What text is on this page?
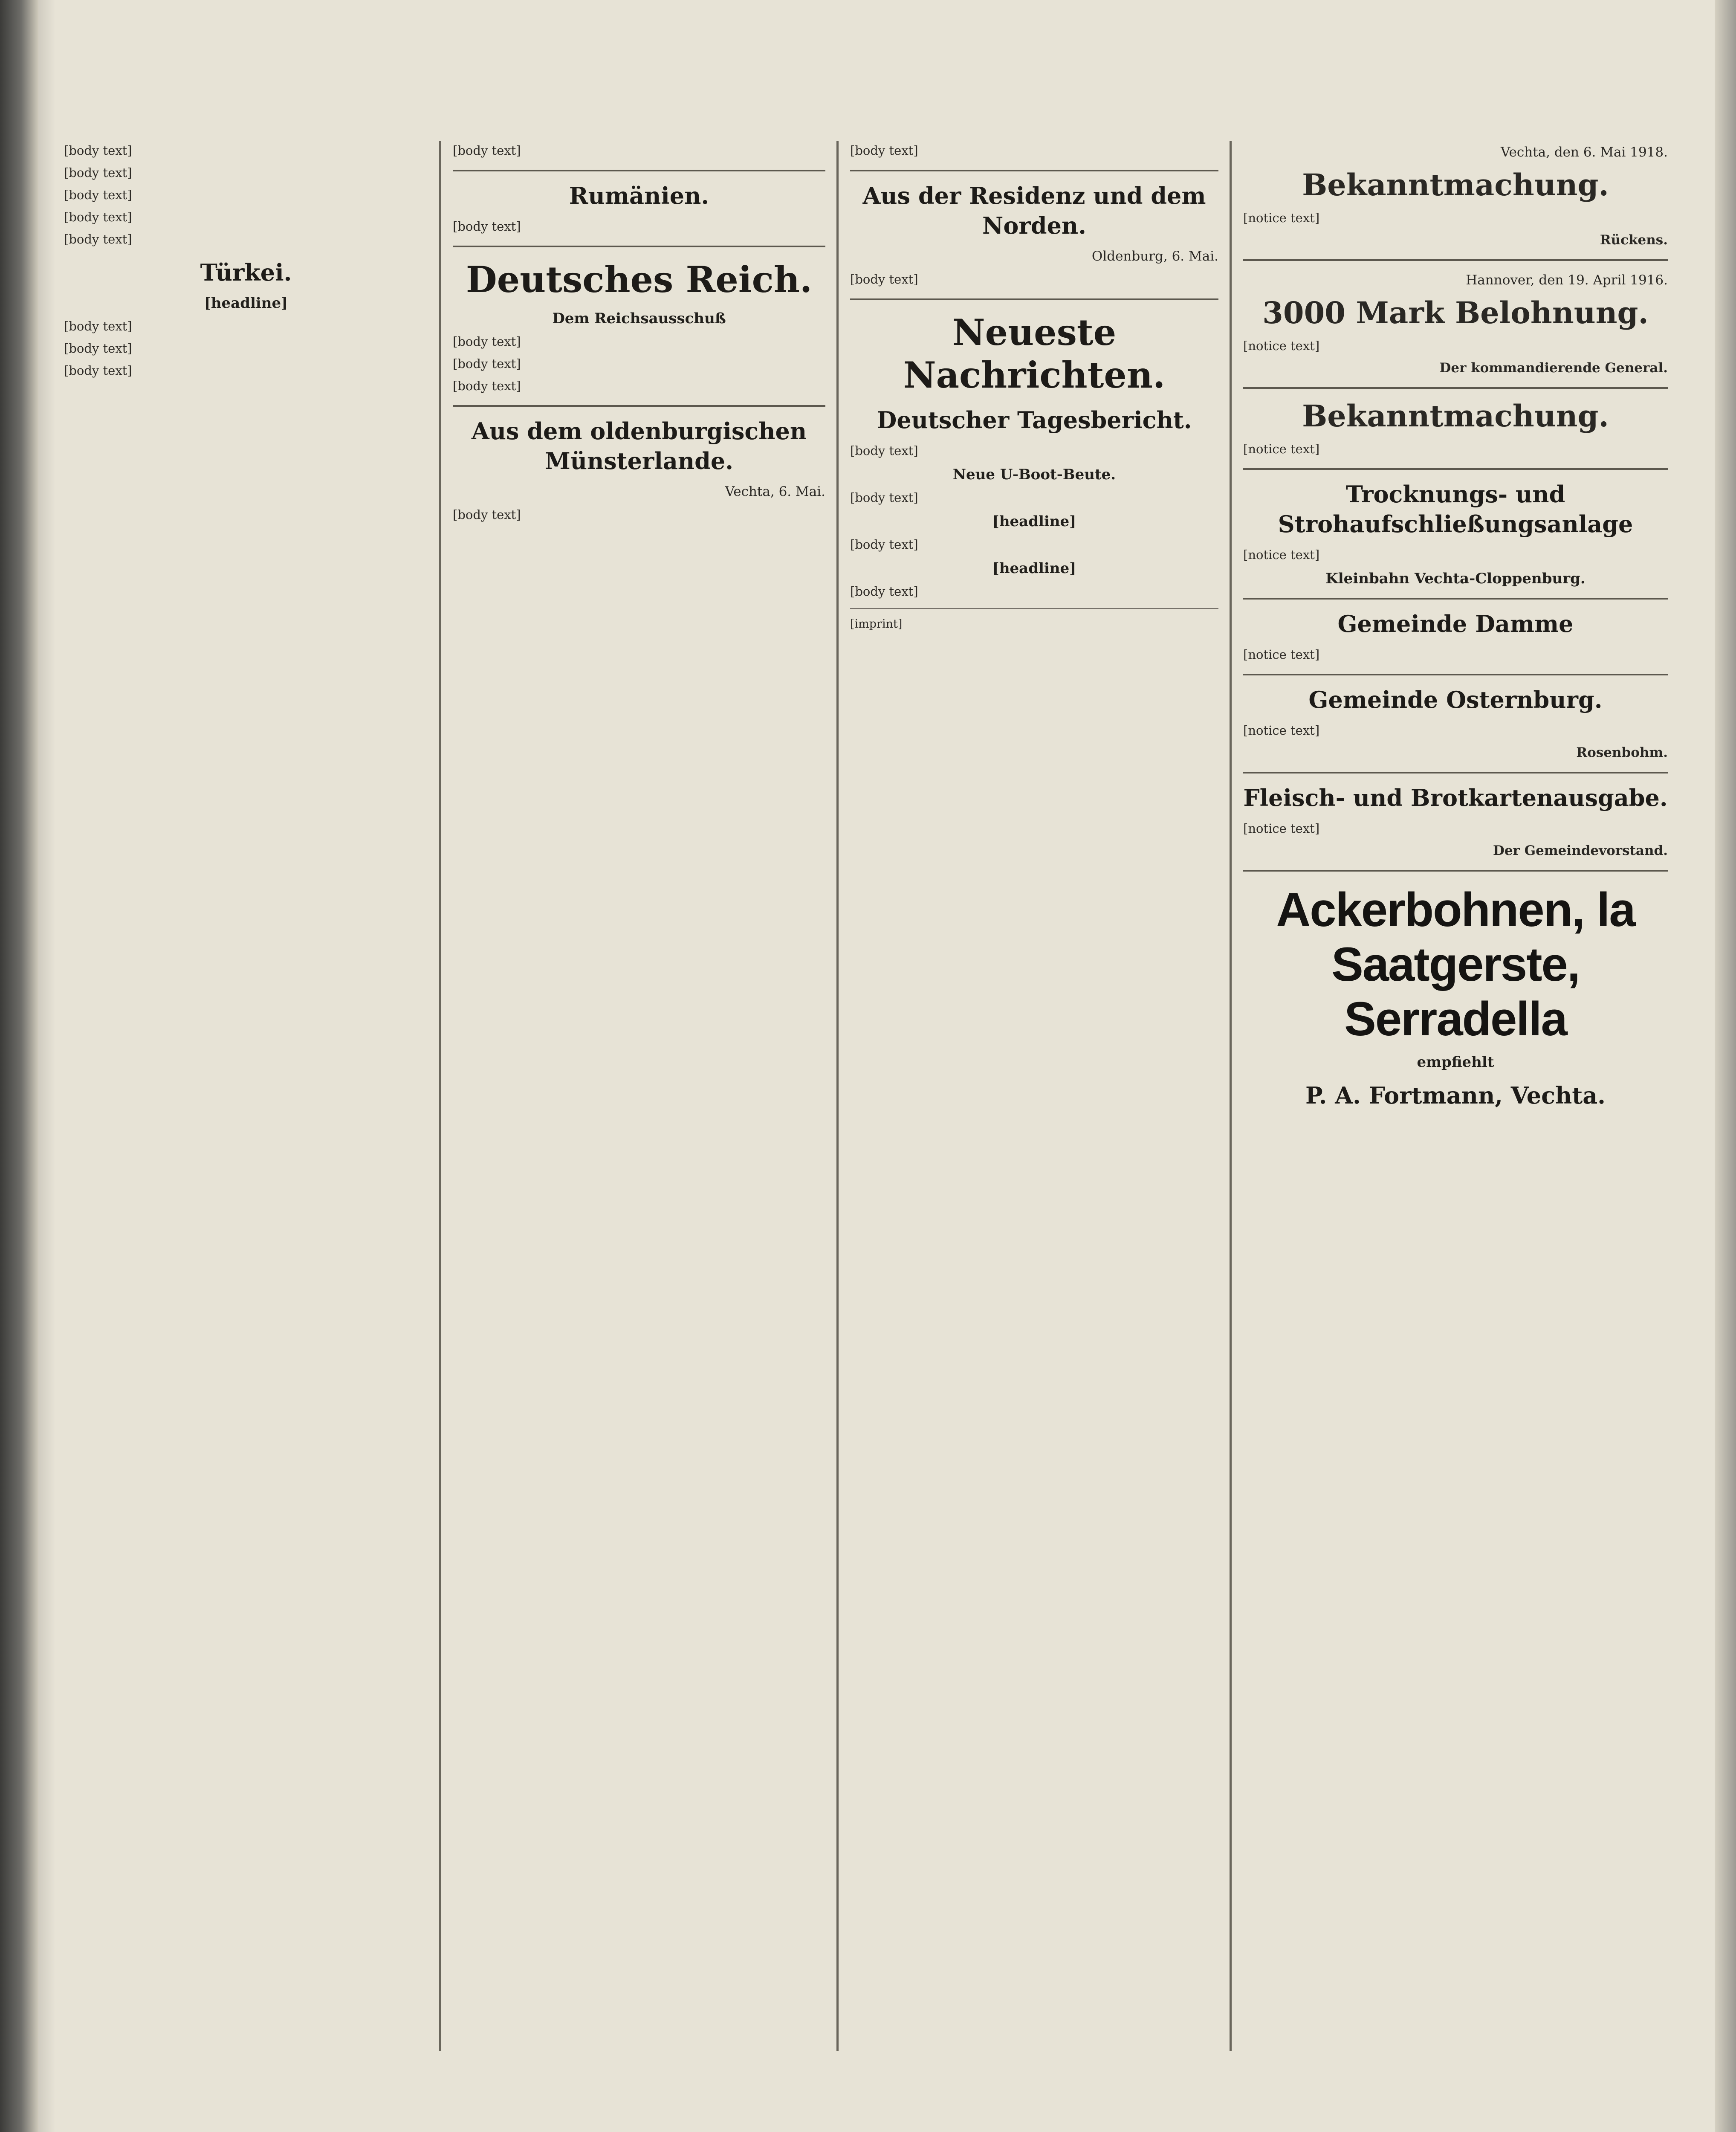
[body text]
[body text]
[body text]
[body text]
[body text]
Türkei.
[headline]
[body text]
[body text]
[body text]
[body text]
Rumänien.
[body text]
Deutsches Reich.
Dem Reichsausschuß
[body text]
[body text]
[body text]
Aus dem oldenburgischen Münsterlande.
Vechta, 6. Mai.
[body text]
[body text]
Aus der Residenz und dem Norden.
Oldenburg, 6. Mai.
[body text]
Neueste Nachrichten.
Deutscher Tagesbericht.
[body text]
Neue U-Boot-Beute.
[body text]
[headline]
[body text]
[headline]
[body text]
[imprint]
Vechta, den 6. Mai 1918.
Bekanntmachung.
[notice text]
Rückens.
Hannover, den 19. April 1916.
3000 Mark Belohnung.
[notice text]
Der kommandierende General.
Bekanntmachung.
[notice text]
Trocknungs- und Strohaufschließungsanlage
[notice text]
Kleinbahn Vechta-Cloppenburg.
Gemeinde Damme
[notice text]
Gemeinde Osternburg.
[notice text]
Rosenbohm.
Fleisch- und Brotkartenausgabe.
[notice text]
Der Gemeindevorstand.
Ackerbohnen, la Saatgerste, Serradella
empfiehlt
P. A. Fortmann, Vechta.
